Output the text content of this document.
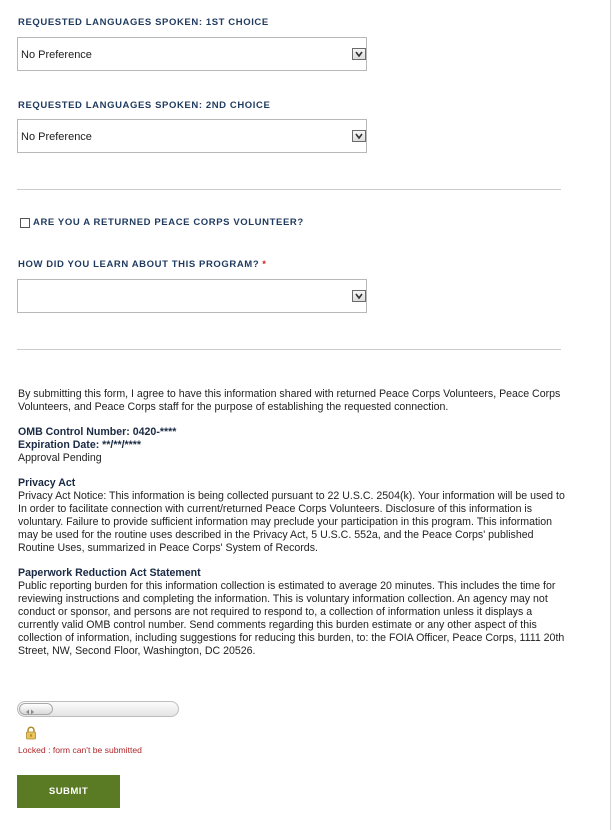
REQUESTED LANGUAGES SPOKEN: 1ST CHOICE
No Preference
REQUESTED LANGUAGES SPOKEN: 2ND CHOICE
No Preference
ARE YOU A RETURNED PEACE CORPS VOLUNTEER?
HOW DID YOU LEARN ABOUT THIS PROGRAM? *
By submitting this form, I agree to have this information shared with returned Peace Corps Volunteers, Peace Corps Volunteers, and Peace Corps staff for the purpose of establishing the requested connection.
OMB Control Number: 0420-****
Expiration Date: **/**/****
Approval Pending
Privacy Act
Privacy Act Notice: This information is being collected pursuant to 22 U.S.C. 2504(k). Your information will be used to In order to facilitate connection with current/returned Peace Corps Volunteers. Disclosure of this information is voluntary. Failure to provide sufficient information may preclude your participation in this program. This information may be used for the routine uses described in the Privacy Act, 5 U.S.C. 552a, and the Peace Corps' published Routine Uses, summarized in Peace Corps' System of Records.
Paperwork Reduction Act Statement
Public reporting burden for this information collection is estimated to average 20 minutes. This includes the time for reviewing instructions and completing the information. This is voluntary information collection. An agency may not conduct or sponsor, and persons are not required to respond to, a collection of information unless it displays a currently valid OMB control number. Send comments regarding this burden estimate or any other aspect of this collection of information, including suggestions for reducing this burden, to: the FOIA Officer, Peace Corps, 1111 20th Street, NW, Second Floor, Washington, DC 20526.
Locked : form can't be submitted
SUBMIT
